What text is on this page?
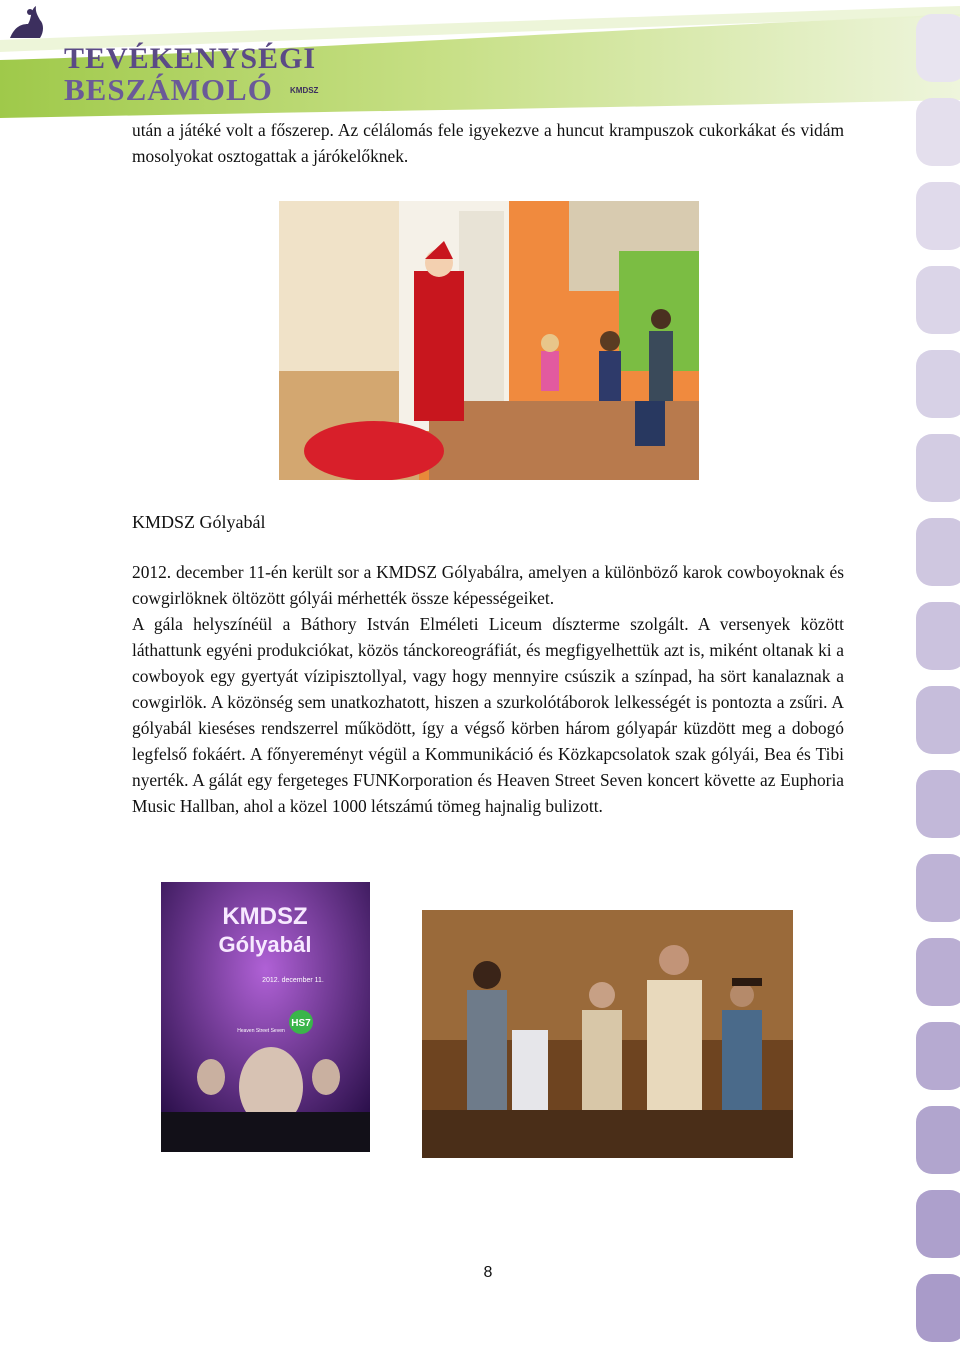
TEVÉKENYSÉGI
BESZÁMOLÓ KMDSZ
után a játéké volt a főszerep. Az célálomás fele igyekezve a huncut krampuszok cukorkákat és vidám mosolyokat osztogattak a járókelőknek.
KMDSZ Gólyabál
2012. december 11-én került sor a KMDSZ Gólyabálra, amelyen a különböző karok cowboyoknak és cowgirlöknek öltözött gólyái mérhették össze képességeiket.
A gála helyszínéül a Báthory István Elméleti Liceum díszterme szolgált. A versenyek között láthattunk egyéni produkciókat, közös tánckoreográfiát, és megfigyelhettük azt is, miként oltanak ki a cowboyok egy gyertyát vízipisztollyal, vagy hogy mennyire csúszik a színpad, ha sört kanalaznak a cowgirlök. A közönség sem unatkozhatott, hiszen a szurkolótáborok lelkességét is pontozta a zsűri. A gólyabál kieséses rendszerrel működött, így a végső körben három gólyapár küzdött meg a dobogó legfelső fokáért. A főnyereményt végül a Kommunikáció és Közkapcsolatok szak gólyái, Bea és Tibi nyerték. A gálát egy fergeteges FUNKorporation és Heaven Street Seven koncert követte az Euphoria Music Hallban, ahol a közel 1000 létszámú tömeg hajnalig bulizott.
KMDSZ
Gólyabál
2012. december 11.
Heaven Street Seven
HS7
8
